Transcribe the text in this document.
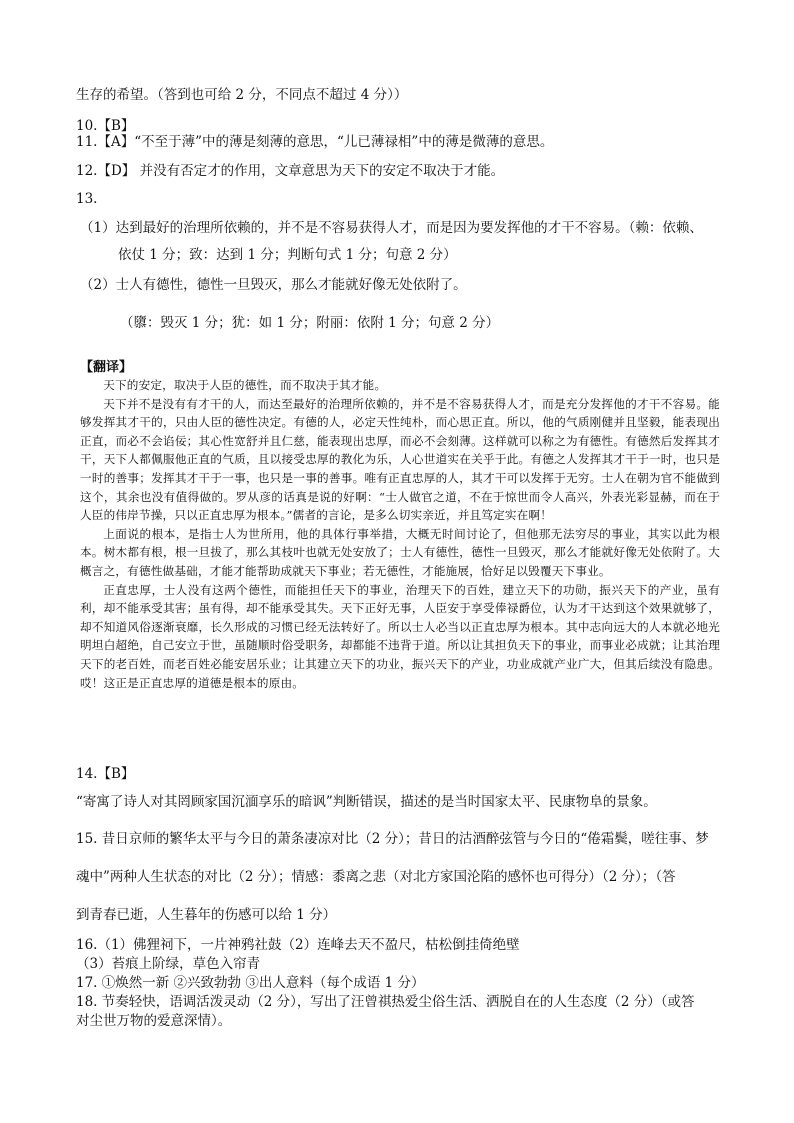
生存的希望。（答到也可给 2 分，不同点不超过 4 分））
10.【B】
11.【A】“不至于薄”中的薄是刻薄的意思，“儿已薄禄相”中的薄是微薄的意思。
12.【D】 并没有否定才的作用，文章意思为天下的安定不取决于才能。
13.
（1）达到最好的治理所依赖的，并不是不容易获得人才，而是因为要发挥他的才干不容易。（赖：依赖、
依仗 1 分；致：达到 1 分；判断句式 1 分；句意 2 分）
（2）士人有德性，德性一旦毁灭，那么才能就好像无处依附了。
（隳：毁灭 1 分；犹：如 1 分；附丽：依附 1 分；句意 2 分）
【翻译】

天下的安定，取决于人臣的德性，而不取决于其才能。

天下并不是没有有才干的人，而达至最好的治理所依赖的，并不是不容易获得人才，而是充分发挥他的才干不容易。能够发挥其才干的，只由人臣的德性决定。有德的人，必定天性纯朴，而心思正直。所以，他的气质刚健并且坚毅，能表现出正直，而必不会谄佞；其心性宽舒并且仁慈，能表现出忠厚，而必不会刻薄。这样就可以称之为有德性。有德然后发挥其才干，天下人都佩服他正直的气质，且以接受忠厚的教化为乐，人心世道实在关乎于此。有德之人发挥其才干于一时，也只是一时的善事；发挥其才干于一事，也只是一事的善事。唯有正直忠厚的人，其才干可以发挥于无穷。士人在朝为官不能做到这个，其余也没有值得做的。罗从彦的话真是说的好啊：“士人做官之道，不在于惊世而令人高兴，外表光彩显赫，而在于人臣的伟岸节操，只以正直忠厚为根本。”儒者的言论，是多么切实亲近，并且笃定实在啊！

上面说的根本，是指士人为世所用，他的具体行事举措，大概无时间讨论了，但他那无法穷尽的事业，其实以此为根本。树木都有根，根一旦拔了，那么其枝叶也就无处安放了；士人有德性，德性一旦毁灭，那么才能就好像无处依附了。大概言之，有德性做基础，才能才能帮助成就天下事业；若无德性，才能施展，恰好足以毁覆天下事业。

正直忠厚，士人没有这两个德性，而能担任天下的事业，治理天下的百姓，建立天下的功勋，振兴天下的产业，虽有利，却不能承受其害；虽有得，却不能承受其失。天下正好无事，人臣安于享受俸禄爵位，认为才干达到这个效果就够了，却不知道风俗逐渐衰靡，长久形成的习惯已经无法转好了。所以士人必当以正直忠厚为根本。其中志向远大的人本就必地光明坦白超绝，自己安立于世，虽随顺时俗受职务，却都能不违背于道。所以让其担负天下的事业，而事业必成就；让其治理天下的老百姓，而老百姓必能安居乐业；让其建立天下的功业，振兴天下的产业，功业成就产业广大，但其后续没有隐患。哎！这正是正直忠厚的道德是根本的原由。

14.【B】
“寄寓了诗人对其罔顾家国沉湎享乐的暗讽”判断错误，描述的是当时国家太平、民康物阜的景象。
15. 昔日京师的繁华太平与今日的萧条凄凉对比（2 分）；昔日的沽酒醉弦管与今日的“倦霜鬓，嗟往事、梦
魂中”两种人生状态的对比（2 分）；情感：黍离之悲（对北方家国沦陷的感怀也可得分）（2 分）；（答
到青春已逝，人生暮年的伤感可以给 1 分）
16.（1）佛狸祠下，一片神鸦社鼓（2）连峰去天不盈尺，枯松倒挂倚绝壁
（3）苔痕上阶绿，草色入帘青
17. ①焕然一新 ②兴致勃勃 ③出人意料（每个成语 1 分）
18. 节奏轻快，语调活泼灵动（2 分），写出了汪曾祺热爱尘俗生活、洒脱自在的人生态度（2 分）（或答
对尘世万物的爱意深情）。
